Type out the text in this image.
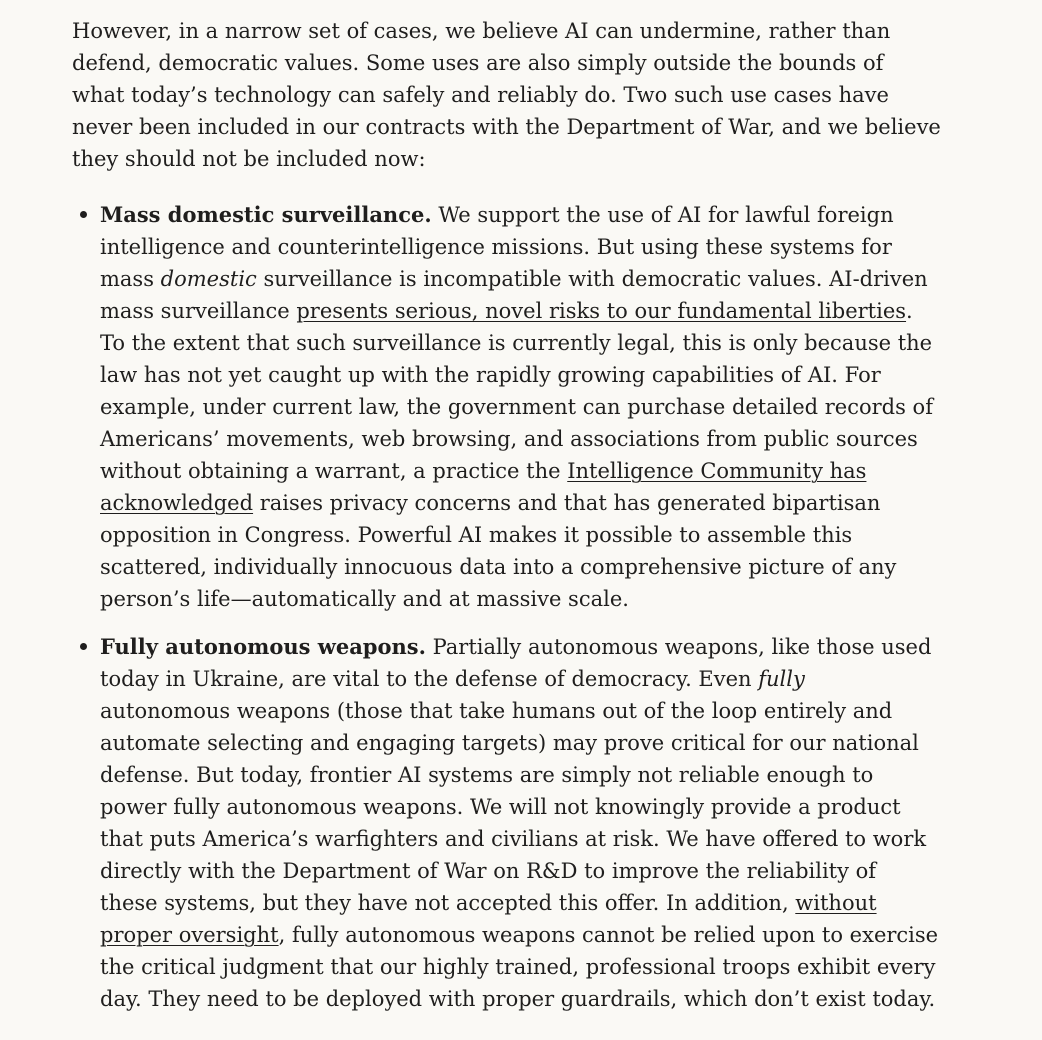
However, in a narrow set of cases, we believe AI can undermine, rather than defend, democratic values. Some uses are also simply outside the bounds of what today’s technology can safely and reliably do. Two such use cases have never been included in our contracts with the Department of War, and we believe they should not be included now:

Mass domestic surveillance. We support the use of AI for lawful foreign intelligence and counterintelligence missions. But using these systems for mass domestic surveillance is incompatible with democratic values. AI-driven mass surveillance presents serious, novel risks to our fundamental liberties. To the extent that such surveillance is currently legal, this is only because the law has not yet caught up with the rapidly growing capabilities of AI. For example, under current law, the government can purchase detailed records of Americans’ movements, web browsing, and associations from public sources without obtaining a warrant, a practice the Intelligence Community has acknowledged raises privacy concerns and that has generated bipartisan opposition in Congress. Powerful AI makes it possible to assemble this scattered, individually innocuous data into a comprehensive picture of any person’s life—automatically and at massive scale.
Fully autonomous weapons. Partially autonomous weapons, like those used today in Ukraine, are vital to the defense of democracy. Even fully autonomous weapons (those that take humans out of the loop entirely and automate selecting and engaging targets) may prove critical for our national defense. But today, frontier AI systems are simply not reliable enough to power fully autonomous weapons. We will not knowingly provide a product that puts America’s warfighters and civilians at risk. We have offered to work directly with the Department of War on R&D to improve the reliability of these systems, but they have not accepted this offer. In addition, without proper oversight, fully autonomous weapons cannot be relied upon to exercise the critical judgment that our highly trained, professional troops exhibit every day. They need to be deployed with proper guardrails, which don’t exist today.
